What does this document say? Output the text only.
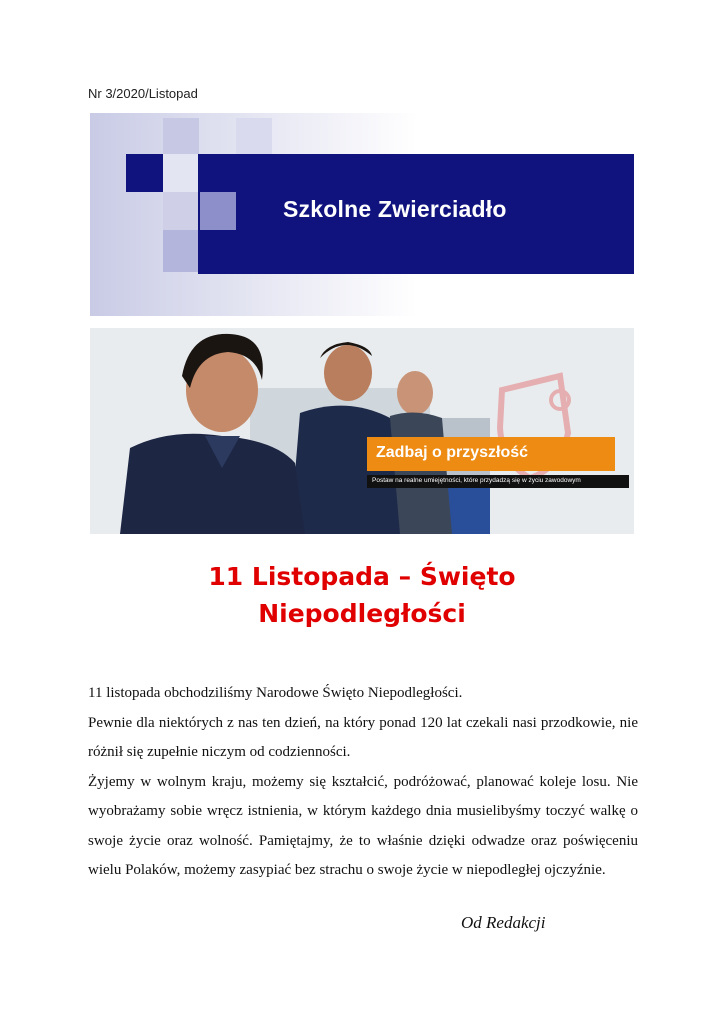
Nr 3/2020/Listopad
Szkolne Zwierciadło
Zadbaj o przyszłość
Postaw na realne umiejętności, które przydadzą się w życiu zawodowym
11 Listopada – Święto
Niepodległości

11 listopada obchodziliśmy Narodowe Święto Niepodległości.

Pewnie dla niektórych z nas ten dzień, na który ponad 120 lat czekali nasi przodkowie, nie różnił się zupełnie niczym od codzienności.

Żyjemy w wolnym kraju, możemy się kształcić, podróżować, planować koleje losu. Nie wyobrażamy sobie wręcz istnienia, w którym każdego dnia musielibyśmy toczyć walkę o swoje życie oraz wolność. Pamiętajmy, że to właśnie dzięki odwadze oraz poświęceniu wielu Polaków, możemy zasypiać bez strachu o swoje życie w niepodległej ojczyźnie.

Od Redakcji
